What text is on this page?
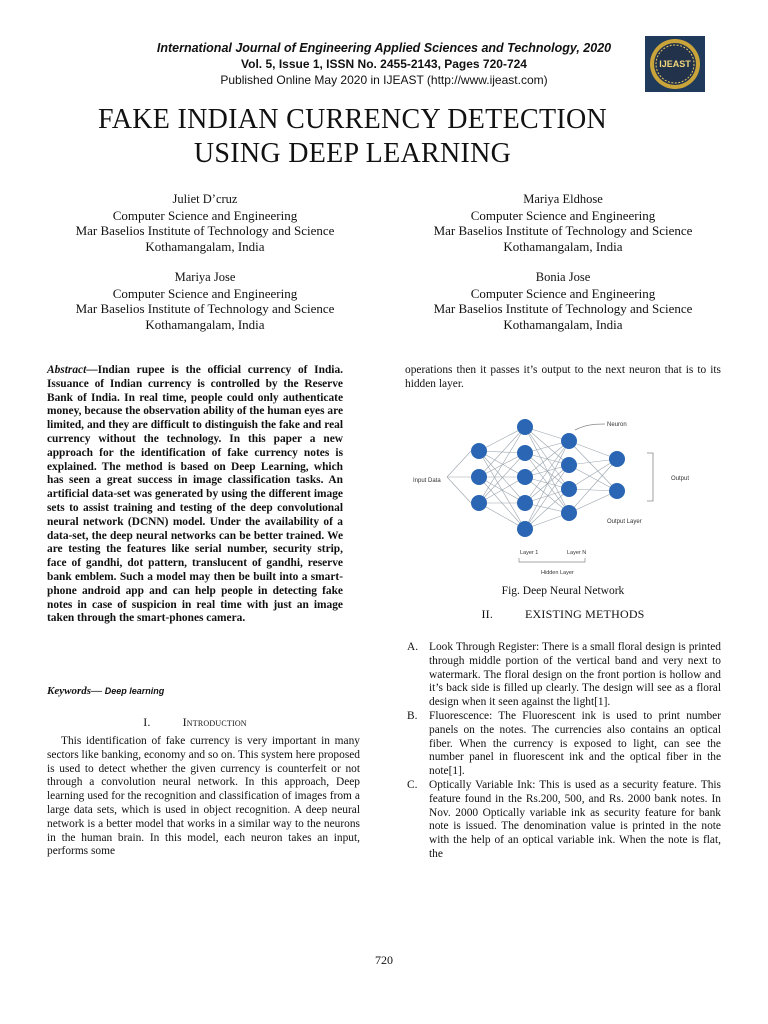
International Journal of Engineering Applied Sciences and Technology, 2020
Vol. 5, Issue 1, ISSN No. 2455-2143, Pages 720-724
Published Online May 2020 in IJEAST (http://www.ijeast.com)
IJEAST
FAKE INDIAN CURRENCY DETECTION
USING DEEP LEARNING
Juliet D’cruz
Computer Science and Engineering
Mar Baselios Institute of Technology and Science
Kothamangalam, India
Mariya Eldhose
Computer Science and Engineering
Mar Baselios Institute of Technology and Science
Kothamangalam, India
Mariya Jose
Computer Science and Engineering
Mar Baselios Institute of Technology and Science
Kothamangalam, India
Bonia Jose
Computer Science and Engineering
Mar Baselios Institute of Technology and Science
Kothamangalam, India
Abstract—Indian rupee is the official currency of India. Issuance of Indian currency is controlled by the Reserve Bank of India. In real time, people could only authenticate money, because the observation ability of the human eyes are limited, and they are difficult to distinguish the fake and real currency without the technology. In this paper a new approach for the identification of fake currency notes is explained. The method is based on Deep Learning, which has seen a great success in image classification tasks. An artificial data-set was generated by using the different image sets to assist training and testing of the deep convolutional neural network (DCNN) model. Under the availability of a data-set, the deep neural networks can be better trained. We are testing the features like serial number, security strip, face of gandhi, dot pattern, translucent of gandhi, reserve bank emblem. Such a model may then be built into a smart-phone android app and can help people in detecting fake notes in case of suspicion in real time with just an image taken through the smart-phones camera.
Keywords— Deep learning
I.	Introduction
This identification of fake currency is very important in many sectors like banking, economy and so on. This system here proposed is used to detect whether the given currency is counterfeit or not through a convolution neural network. In this approach, Deep learning used for the recognition and classification of images from a large data sets, which is used in object recognition. A deep neural network is a better model that works in a similar way to the neurons in the human brain. In this model, each neuron takes an input, performs some
operations then it passes it’s output to the next neuron that is to its hidden layer.
Input Data
Neuron
Output
Output Layer
Layer 1	Layer N
Hidden Layer
Fig. Deep Neural Network
II.	EXISTING METHODS
A. Look Through Register: There is a small floral design is printed through middle portion of the vertical band and very next to watermark. The floral design on the front portion is hollow and it’s back side is filled up clearly. The design will see as a floral design when it seen against the light[1].
B. Fluorescence: The Fluorescent ink is used to print number panels on the notes. The currencies also contains an optical fiber. When the currency is exposed to light, can see the number panel in fluorescent ink and the optical fiber in the note[1].
C. Optically Variable Ink: This is used as a security feature. This feature found in the Rs.200, 500, and Rs. 2000 bank notes. In Nov. 2000 Optically variable ink as security feature for bank note is issued. The denomination value is printed in the note with the help of an optical variable ink. When the note is flat, the
720
